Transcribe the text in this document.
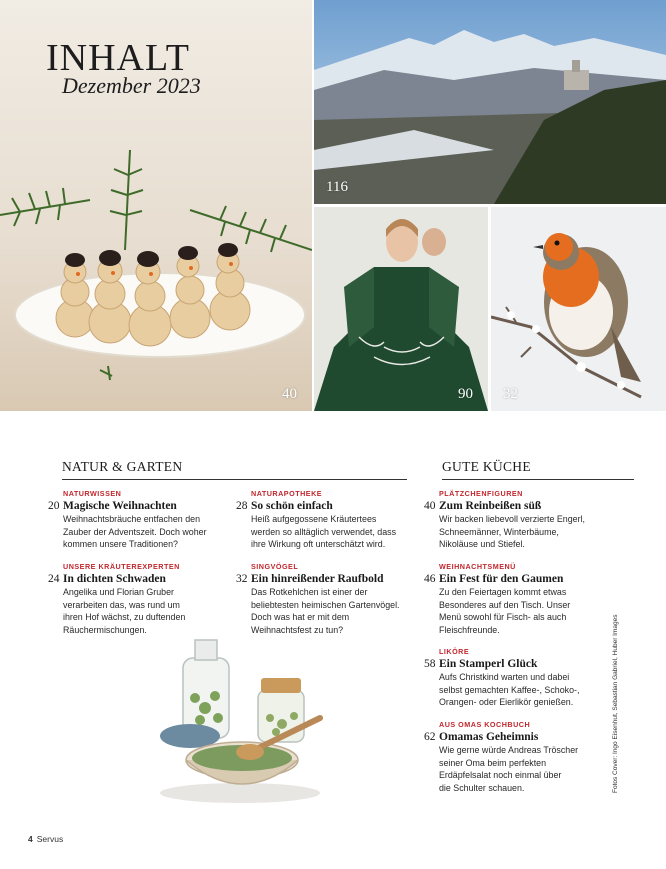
INHALT
Dezember 2023
40
116
90 32
NATUR & GARTEN	GUTE KÜCHE
NATURWISSEN
20 Magische Weihnachten
Weihnachtsbräuche entfachen den
Zauber der Adventszeit. Doch woher
kommen unsere Traditionen?
UNSERE KRÄUTEREXPERTEN
24 In dichten Schwaden
Angelika und Florian Gruber
verarbeiten das, was rund um
ihren Hof wächst, zu duftenden
Räuchermischungen.
NATURAPOTHEKE
28 So schön einfach
Heiß aufgegossene Kräutertees
werden so alltäglich verwendet, dass
ihre Wirkung oft unterschätzt wird.
SINGVÖGEL
32 Ein hinreißender Raufbold
Das Rotkehlchen ist einer der
beliebtesten heimischen Gartenvögel.
Doch was hat er mit dem
Weihnachtsfest zu tun?
PLÄTZCHENFIGUREN
40 Zum Reinbeißen süß
Wir backen liebevoll verzierte Engerl,
Schneemänner, Winterbäume,
Nikoläuse und Stiefel.
WEIHNACHTSMENÜ
46 Ein Fest für den Gaumen
Zu den Feiertagen kommt etwas
Besonderes auf den Tisch. Unser
Menü sowohl für Fisch- als auch
Fleischfreunde.
LIKÖRE
58 Ein Stamperl Glück
Aufs Christkind warten und dabei
selbst gemachten Kaffee-, Schoko-,
Orangen- oder Eierlikör genießen.
AUS OMAS KOCHBUCH
62 Omamas Geheimnis
Wie gerne würde Andreas Tröscher
seiner Oma beim perfekten
Erdäpfelsalat noch einmal über
die Schulter schauen.	Fotos Cover: Ingo Eisenhut, Sebastian Gabriel, Huber Images
4 Servus
